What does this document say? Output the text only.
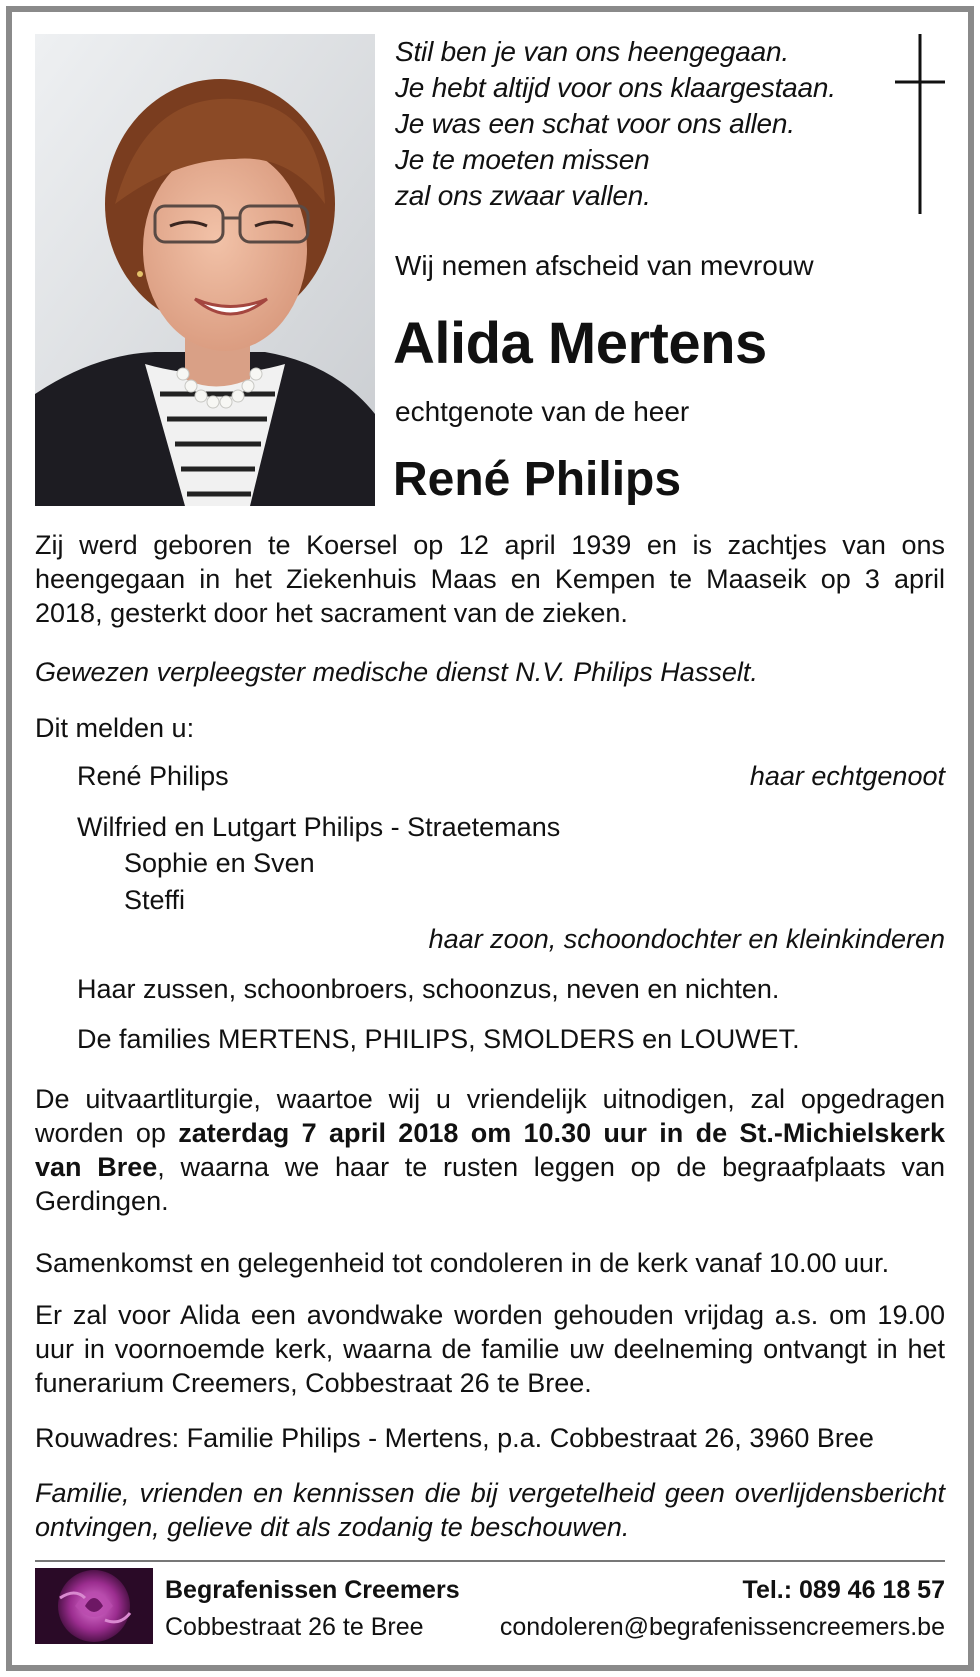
Stil ben je van ons heengegaan.
Je hebt altijd voor ons klaargestaan.
Je was een schat voor ons allen.
Je te moeten missen
zal ons zwaar vallen.
Wij nemen afscheid van mevrouw
Alida Mertens
echtgenote van de heer
René Philips
Zij werd geboren te Koersel op 12 april 1939 en is zachtjes van ons heengegaan in het Ziekenhuis Maas en Kempen te Maaseik op 3 april 2018, gesterkt door het sacrament van de zieken.
Gewezen verpleegster medische dienst N.V. Philips Hasselt.
Dit melden u:
René Philips	haar echtgenoot
Wilfried en Lutgart Philips - Straetemans
Sophie en Sven
Steffi
haar zoon, schoondochter en kleinkinderen
Haar zussen, schoonbroers, schoonzus, neven en nichten.
De families MERTENS, PHILIPS, SMOLDERS en LOUWET.
De uitvaartliturgie, waartoe wij u vriendelijk uitnodigen, zal opgedragen worden op zaterdag 7 april 2018 om 10.30 uur in de St.-Michielskerk van Bree, waarna we haar te rusten leggen op de begraafplaats van Gerdingen.
Samenkomst en gelegenheid tot condoleren in de kerk vanaf 10.00 uur.
Er zal voor Alida een avondwake worden gehouden vrijdag a.s. om 19.00 uur in voornoemde kerk, waarna de familie uw deelneming ontvangt in het funerarium Creemers, Cobbestraat 26 te Bree.
Rouwadres: Familie Philips - Mertens, p.a. Cobbestraat 26, 3960 Bree
Familie, vrienden en kennissen die bij vergetelheid geen overlijdensbericht ontvingen, gelieve dit als zodanig te beschouwen.
Begrafenissen Creemers
Cobbestraat 26 te Bree
Tel.: 089 46 18 57
condoleren@begrafenissencreemers.be
